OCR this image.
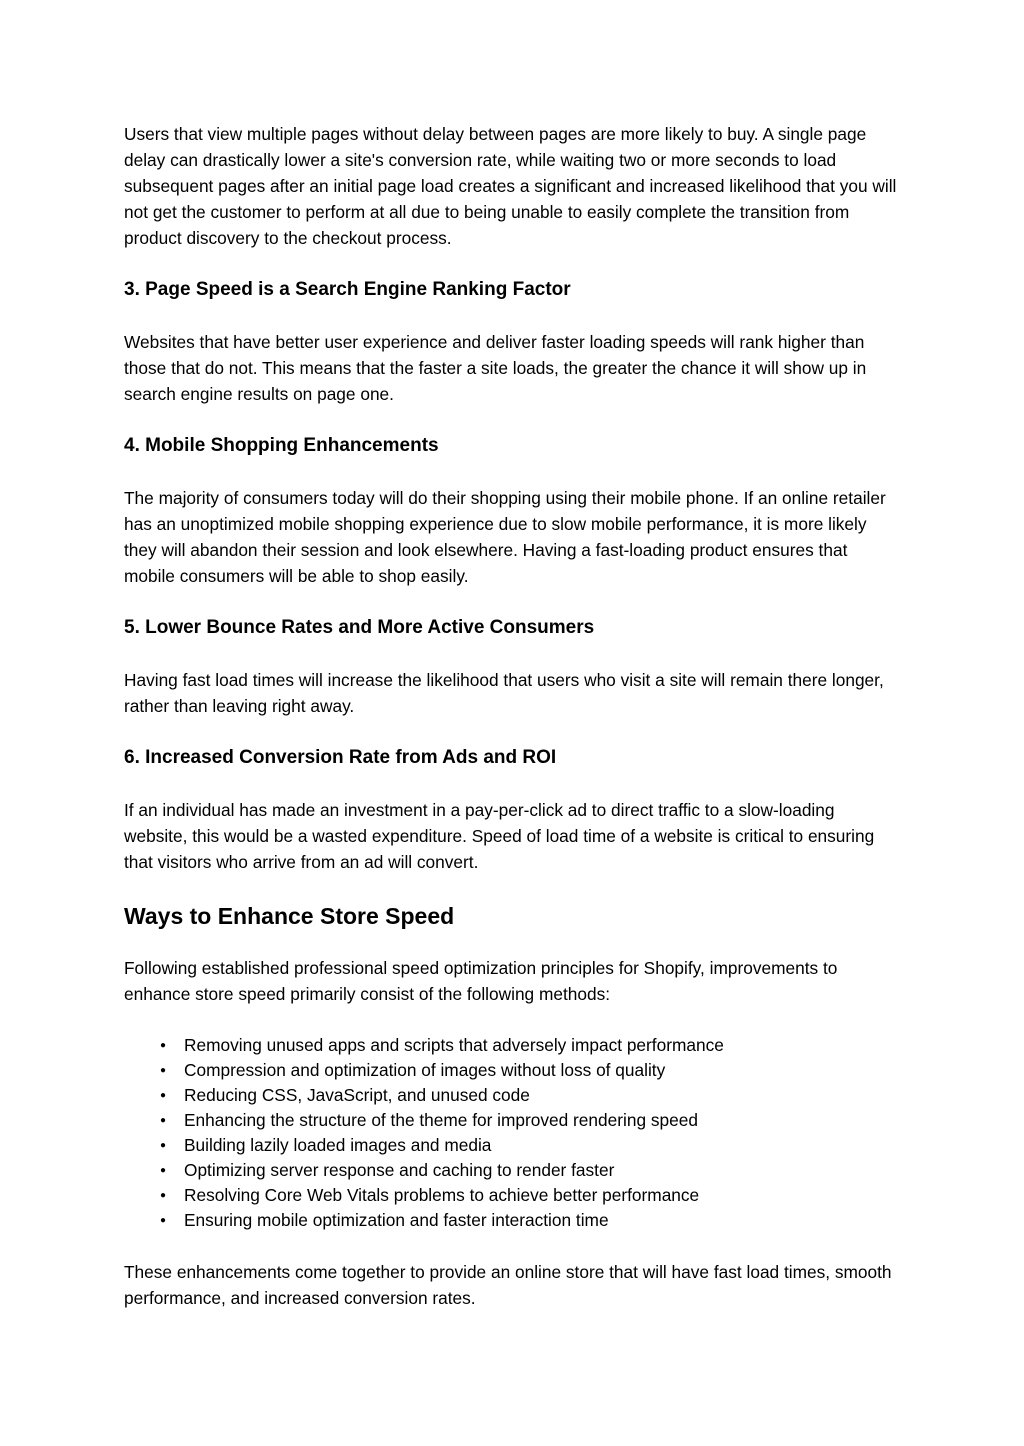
Users that view multiple pages without delay between pages are more likely to buy. A single page delay can drastically lower a site's conversion rate, while waiting two or more seconds to load subsequent pages after an initial page load creates a significant and increased likelihood that you will not get the customer to perform at all due to being unable to easily complete the transition from product discovery to the checkout process.

3. Page Speed is a Search Engine Ranking Factor

Websites that have better user experience and deliver faster loading speeds will rank higher than those that do not. This means that the faster a site loads, the greater the chance it will show up in search engine results on page one.

4. Mobile Shopping Enhancements

The majority of consumers today will do their shopping using their mobile phone. If an online retailer has an unoptimized mobile shopping experience due to slow mobile performance, it is more likely they will abandon their session and look elsewhere. Having a fast-loading product ensures that mobile consumers will be able to shop easily.

5. Lower Bounce Rates and More Active Consumers

Having fast load times will increase the likelihood that users who visit a site will remain there longer, rather than leaving right away.

6. Increased Conversion Rate from Ads and ROI

If an individual has made an investment in a pay-per-click ad to direct traffic to a slow-loading website, this would be a wasted expenditure. Speed of load time of a website is critical to ensuring that visitors who arrive from an ad will convert.

Ways to Enhance Store Speed

Following established professional speed optimization principles for Shopify, improvements to enhance store speed primarily consist of the following methods:

●	Removing unused apps and scripts that adversely impact performance
●	Compression and optimization of images without loss of quality
●	Reducing CSS, JavaScript, and unused code
●	Enhancing the structure of the theme for improved rendering speed
●	Building lazily loaded images and media
●	Optimizing server response and caching to render faster
●	Resolving Core Web Vitals problems to achieve better performance
●	Ensuring mobile optimization and faster interaction time

These enhancements come together to provide an online store that will have fast load times, smooth performance, and increased conversion rates.
